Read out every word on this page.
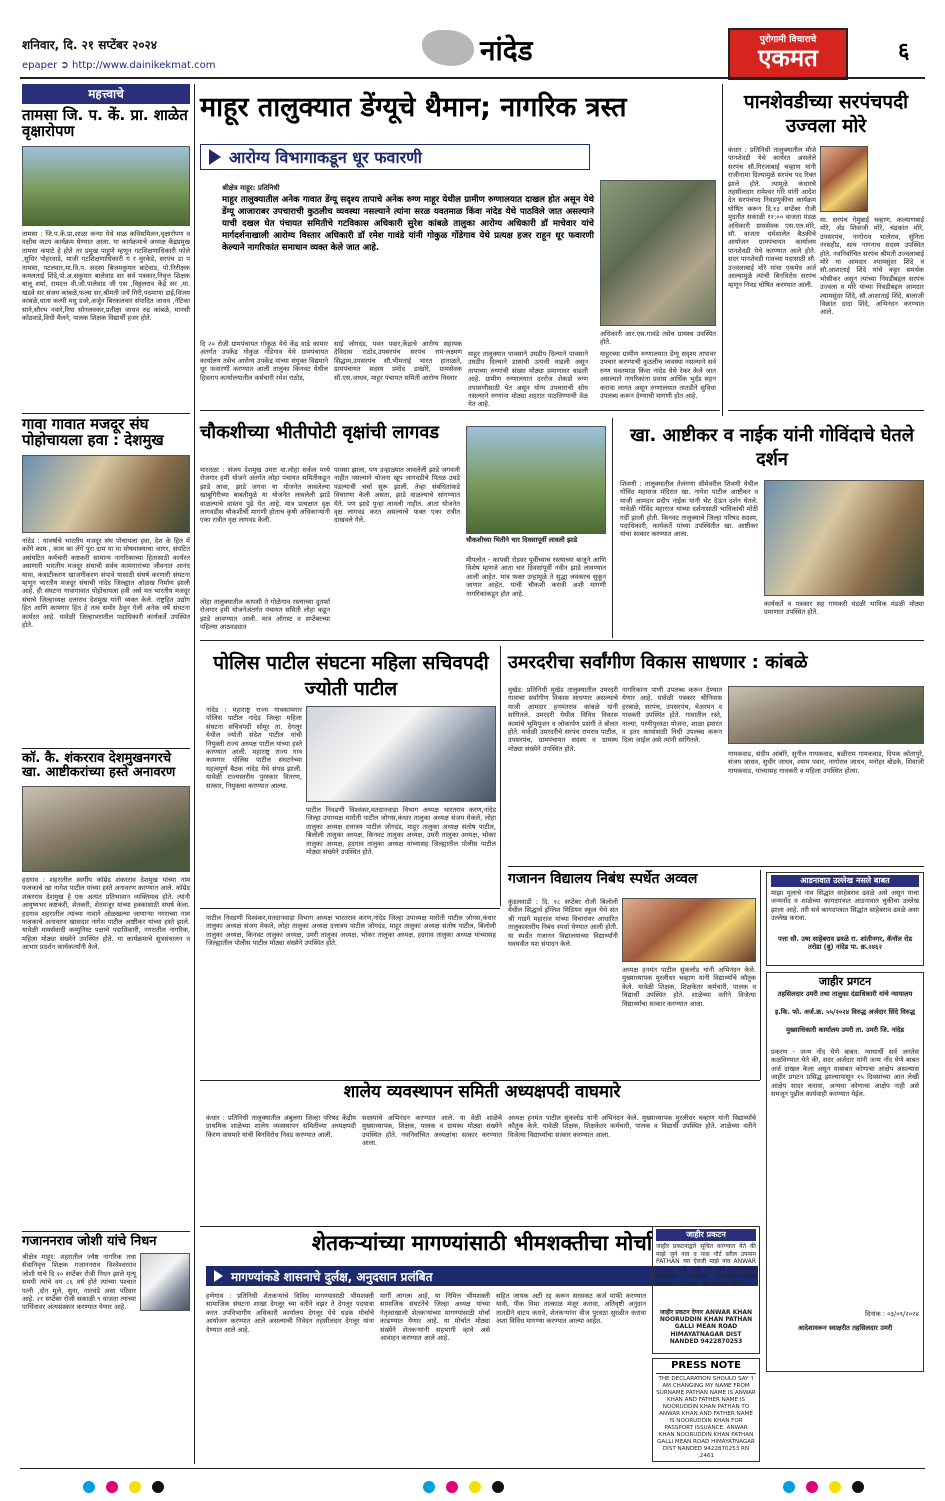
शनिवार, दि. २१ सप्टेंबर २०२४
epaper ➲ http://www.dainikekmat.com	नांदेड	पुरोगामी विचाराचे
एकमत	६
महत्त्वाचे
तामसा जि. प. कें. प्रा. शाळेत वृक्षारोपण
तामसा : जि.प.कें.प्रा.शाळा कन्या येथे माळ कविसमिलन,वृक्षारोपण व वक्षीस वाटप कार्यक्रम घेण्यात आला. या कार्यक्रमाचे अध्यक्ष केंद्रप्रमुख तामसा कपाटे हे होते तर प्रमुख पाहुणे म्हणून गटशिक्षणाधिकारी फोले ,सुधिर पोहरवाडे, माजी गटशिक्षणाधिकारी ग र मुरकेडे, सरपंच डा प तामसा, पटलवार,मा.वि.प. सदस्य बिजमकुमार बाटेवाड, पो.निरीक्षक कमलताई शिंदे,पो.अ.सकुमार बालेवाड सर सर्व पत्रकार,निवृत्त शिक्षक बालू शर्मा, रामदत्त वी.जी.पालेवाड जी एस ,विठ्ठलराव केंद्रे सर ,मा. खडवे सर संजय कांबळे,फल्स सर,श्रीमती जयें गिरी,पदमाणा डाई,विजय कांबळे,धाता कल्पी मधु डवरे,अर्जून बिरकलवार संपादित जाधव ,नेटिका साने,सौरभ नवारे,रिया सोनलवकर,प्रतीक्षा जाधव रुद्र कांबळे, मानसी कोठवाडे,विधी मैलने, पालक शिक्षक विद्यार्थी हजर होते.
गावा गावात मजदूर संघ पोहोचायला हवा : देशमुख
नांदेड : यावर्षाचे भारतीय मजदूर संघ पोचायला हवा, देश के हित में करेंगे काम , काम का लेंगे पूरा दाम या या घोषवाक्याचा जागर, संघटित असंघटित कर्मचारी कष्टकरी सामान्य नागरिकाच्या हितासाठी कार्यरत असणारी भारतीय मजदूर संघाची सर्वच कामगारांच्या जीवनात आनंद यावा, कंत्राटीकरण खाजगीकरण संपावे यासाठी संघर्ष करणारी संघटना म्हणून भारतीय मजदूर संघाची नांदेड जिल्ह्यात ओळख निर्माण झाली आहे. ही संघटना गावागावात पोहोचायला हवी असे मत भारतीय मजदूर संघाचे जिल्हाध्यक्ष दत्ताराव देशमुख यांनी व्यक्त केले. राष्ट्रहित उद्योग हित आणि कामगार हित हे तत्व समोर ठेवून गेली अनेक वर्षे संघटना कार्यरत आहे. यावेळी जिल्हाभरातील पदाधिकारी कार्यकर्ते उपस्थित होते.
कॉ. कै. शंकरराव देशमुखनगरचे खा. आष्टीकरांच्या हस्ते अनावरण
हदगाव : शहरातील स्वर्गीय कॉम्रेड शंकरराव देशमुख यांच्या नाम फलकाचे खा नागेश पाटील यांच्या हस्ते अनावरण करण्यात आले. कॉम्रेड शंकरराव देशमुख हे एक अत्यंत प्रतिभावान व्यक्तिमत्व होते. त्यांनी आयुष्यभर कष्टकरी, शेतकरी, शेतमजूर यांच्या हक्कासाठी संघर्ष केला. हदगाव शहरातील त्यांच्या नावाने ओळखल्या जाणाऱ्या नगराच्या नाम फलकाचे अनावरण खासदार नागेश पाटील आष्टीकर यांच्या हस्ते झाले. यावेळी मार्क्सवादी कम्युनिस्ट पक्षाचे पदाधिकारी, नगरातील नागरिक, महिला मोठ्या संख्येने उपस्थित होते. या कार्यक्रमाचे सूत्रसंचालन व आभार प्रदर्शन कार्यकर्त्यांनी केले.
गजाननराव जोशी यांचे निधन
श्रीक्षेत्र माहूर: शहरातील ज्येष्ठ नागरिक तथा सेवानिवृत्त शिक्षक गजाननराव विश्वेश्वरराव जोशी यांचे दि २० सप्टेंबर रोजी निधन झाले मृत्यू समयी त्यांचे वय ८६ वर्ष होते त्यांच्या पश्चात पत्नी ,दोन मुले, सुना, नातवंडे असा परिवार आहे. २१ सप्टेंबर रोजी सकाळी ९ वाजता त्यांच्या पार्थिवावर अंत्यसंस्कार करण्यात येणार आहे.
माहूर तालुक्यात डेंग्यूचे थैमान; नागरिक त्रस्त
आरोग्य विभागाकडून धूर फवारणी
श्रीक्षेत्र माहूर: प्रतिनिधी
माहूर तालुक्यातील अनेक गावात डेंग्यू सदृश्य तापाचे अनेक रुग्ण माहूर येथील ग्रामीण रुग्णालयात दाखल होत असून येथे डेंग्यू आजाराबर उपचाराची कुठलीच व्यवस्था नसल्याने त्यांना सरळ यवतमाळ किंवा नांदेड येथे पाठविले जात असल्याने याची दखल घेत पंचायत समितीचे गटविकास अधिकारी सुरेश कांबळे तालुका आरोग्य अधिकारी डॉ माचेवार यांचे मार्गदर्शनाखाली आरोग्य विस्तार अधिकारी डॉ रमेश गावंडे यांनी गोकुळ गोंडेगाव येथे प्रत्यक्ष हजर राहून धूर फवारणी केल्याने नागरिकांत समाधान व्यक्त केले जात आहे.
अधिकारी आर.एस.गावंडे तसेच ग्रामस्थ उपस्थित होते.
दि २० रोजी ग्रामपंचायत गोकुळ येथे केंद्र वाढे कामार अंतर्गत उपकेंद्र गोकुळ गोंडेगाव येथे ग्रामपंचायत कार्यालय तसेच आरोग्य उपकेंद्र यांच्या संयुक्त विद्यमाने धूर फवारणी करण्यात आली तालुका किनवट येथील हिवताप कार्यालयातील कर्मचारी रमेश राठोड,
साई जोगदंड, पवन पवार,केंद्राचे आरोग्य सहायक देविदास राठोड,उपसरपंच सरपंच राम-लक्ष्मण सिद्धाम,उपसरपंच सौ.भीमताई भारत हाताळते, ग्रामपंचायत सदस्य प्रमोद डाखोरे, ग्रामसेवक सौ.एस.जाधव, माहूर पंचायत समिती आरोग्य विस्तार
माहूर तालुक्यात पावसाने उघडीप दिल्याने पावसाने उघडीप दिल्याने डासांची उत्पत्ती वाढली असून तापाच्या रुग्णांची संख्या मोठ्या प्रमाणावर वाढली आहे. ग्रामीण रुग्णालयात दररोज शेकडो रुग्ण तपासणीसाठी येत असून योग्य उपचाराची सोय नसल्याने रुग्णांना मोठ्या शहरात पाठविण्याची वेळ येत आहे.
माहूरच्या ग्रामीण रुग्णालयात डेंग्यू सदृश्य तापावर उपचार करण्याची कुठलीच व्यवस्था नसल्याने सर्व रुग्ण यवतमाळ किंवा नांदेड येथे रेफर केले जात असल्याने नागरिकांना प्रवास आर्थिक भुर्दंड सहन करावा लागत असून रुग्णालयात तातडीने सुविधा उपलब्ध करून देण्याची मागणी होत आहे.
पानशेवडीच्या सरपंचपदी उज्वला मोरे
कंधार : प्रतिनिधी तालुक्यातील मौजे पानशेवडी येथे कार्यरत असलेले सरपंच सौ.गिरजाबाई चव्हाण यांनी राजीनामा दिल्यामुळे सरपंच पद रिक्त झाले होते. त्यामुळे कंधारचे तहसीलदार रामेश्वर गोरे यांनी आदेश देत सरपंचपद निवडणुकीचा कार्यक्रम घोषित करून दि.१३ सप्टेंबर रोजी मुदतीत सकाळी ११:०० वाजता मंडळ अधिकारी ग्रामसेवक एस.एल.मोरे, सौ. वाजता धर्मशालेत बैठकीचे आयोजन ग्रामपंचायत कार्यालय पानशेवडी येथे करण्यात आले होते. सदर पानशेवडी गावच्या पदासाठी सौ. उज्वलाबाई मोरे यांचा एकमेव अर्ज आल्यामुळे त्यांची बिनविरोध सरपंच म्हणून निवड घोषित करण्यात आली.
मा. सरपंच गेमुबाई चव्हाण, कल्याणबाई मोरे, ॲड शिवाजी मोरे, चंद्रकांत मोरे, उपसरपंच, नागोराव भालेराव, सुनिता नरसहीड, सत्य नागनाथ सदस्य उपस्थित होते. नवनिर्वाचित सरपंच श्रीमती उज्वलाबाई मोरे या आमदार श्यामसुंदर शिंदे व सौ.आशाताई शिंदे यांचे कट्टर समर्थक भोसीकर असून त्यांच्या निवडीबद्दल सरपंच उज्वला व मोरे यांच्या निवडीबद्दल आमदार श्यामसुंदर शिंदे, सौ.आशाताई शिंदे, बालाजी विक्रांत दादा शिंदे, अभिनंदन करण्यात आले.
चौकशीच्या भीतीपोटी वृक्षांची लागवड
मारतळा : संजय देशमुख उमरा वा.लोहा सर्कल मध्ये रोजगार हमी योजने अंतर्गत लोहा पंचायत समितीकडून झाडे लावा, झाडे जगवा या योजनेत लावलेल्या खाबूगिरीच्या बाबतीमुळे या योजनेत लावलेली झाडे वाळल्याचे वास्तव पुढे येत आहे. मात्र प्रत्यक्षात वृक्ष लागवडीस चौकशीची मागणी होताच कृषी अधिकाऱ्यांनी एका रात्रीत वृक्ष लागवड केली.
लोहा तालुक्यातील कापसी ते गोळेगाव रस्त्याच्या दुतर्फा रोजगार हमी योजनेअंतर्गत पंचायत समिती लोहा कडून झाडे लावण्यात आली. मात्र ऑगस्ट व सप्टेंबरच्या पहिल्या आठवड्यात
पावसा झाला, पण उन्हाळ्यात लावलेली झाडे जगवली नाहीत नसल्याने योजना खूप लागवडीचे पितळ उघडे पडल्याची चर्चा सुरू झाली. तेव्हा संबंधितांकडे विचारणा केली असता, झाडे वाळल्याचे सांगण्यात येते. पण झाडे पुन्हा लावली नाहीत. आता योजनेत वृक्ष लागवड करत असल्याचे फक्त एका रात्रीत दाखवले गेले.
चौकशीच्या भितीने चार दिवसापूर्वी लावली झाडे
मीपलोत - कापसी रोडवर पूर्वीच्याच रस्त्याच्या बाजूने आणि विशेष म्हणजे आता चार दिवसांपूर्वी नवीन झाडे लावण्यात आली आहेत. मात्र फक्त उन्हामुळे ते सुद्धा लवकरच सुकून जाणार आहेत. याची चौकशी करावी अशी मागणी नागरिकांकडून होत आहे.
खा. आष्टीकर व नाईक यांनी गोविंदाचे घेतले दर्शन
शिवणी : तालुक्यातील तेलंगणा सीमेवरील शिवणी येथील गोविंद महाराज मंदिरात खा. नागेश पाटील आष्टीकर व माजी आमदार प्रदीप नाईक यांनी भेट देऊन दर्शन घेतले. यावेळी गोविंद महाराज यांच्या दर्शनासाठी भाविकांची मोठी गर्दी झाली होती. किनवट तालुक्याचे जिल्हा परिषद सदस्य, पदाधिकारी, कार्यकर्ते यांच्या उपस्थितीत खा. आष्टीकर यांचा सत्कार करण्यात आला.
कार्यकर्ते व पत्रकार सह गायकरी मंडळी भाविक मंडळी मोठ्या प्रमाणात उपस्थित होते.
पोलिस पाटील संघटना महिला सचिवपदी ज्योती पाटील
नांदेड : महाराष्ट्र राज्य गावकामगार पोलिस पाटील नांदेड जिल्हा महिला संघटना सचिवपदी सोमूर ता. देगलूर येथील ज्योती संदेश पाटील यांची नियुक्ती राज्य अध्यक्ष पाटील यांच्या हस्ते करण्यात आली. महाराष्ट्र राज्य गाव कामगार पोलिस पाटील संघटनेच्या महत्वपूर्ण बैठक नांदेड येथे संपन्न झाली. यावेळी राज्यस्तरीय पुरस्कार वितरण, सत्कार, नियुक्त्या करण्यात आल्या.
पाटील निवडणी विश्वंकर,मतदानवाड़ा विभाग अध्यक्ष भारतराव करण,नांदेड जिल्हा उपाध्यक्ष मारोती पाटील जोगस,कंधार तालुका अध्यक्ष संजय मेकले, लोहा तालुका अध्यक्ष दत्तात्रय पाटील जोगदंड, माहूर तालुका अध्यक्ष संतोष पाटील, बिलोली तालुका अध्यक्ष, किनवट तालुका अध्यक्ष, उमरी तालुका अध्यक्ष, भोकर तालुका अध्यक्ष, हदगाव तालुका अध्यक्ष यांच्यासह जिल्ह्यातील पोलीस पाटील मोठ्या संख्येने उपस्थित होते.
उमरदरीचा सर्वांगीण विकास साधणार : कांबळे
मुखेड: प्रतिनिधी मुखेड तालुक्यातील उमरदरी गावाचा सर्वांगीण विकास साधणार असल्याचे माजी आमदार हनमंतराव कांबळे यांनी सांगितले. उमरदरी येथील विविध विकास कामांचे भूमिपूजन व लोकार्पण प्रसंगी ते बोलत होते. यावेळी उमरदरीचे सरपंच रामराव पाटील, उपसरपंच, ग्रामपंचायत सदस्य व ग्रामस्थ मोठ्या संख्येने उपस्थित होते.
नागरिकांना पाणी उपलब्ध करून देण्यात येणार आहे. यावेळी पत्रकार श्रीनिवास हरबाळे, सरपंच, उपसरपंच, चेअरमन व गावकरी उपस्थित होते. गावातील रस्ते, नाल्या, पाणीपुरवठा योजना, शाळा इमारत व इतर कामांसाठी निधी उपलब्ध करून दिला जाईल असे त्यांनी सांगितले.
गायकवाड, संदीप आंबोरे, सुनील गायकवाड, बळीराम गायकवाड, दिपक कोतापुरे, संजय जाधव, सुधीर जाधव, श्याम पवार, नागोराव जाधव, मनोहर बोडके, शिवाजी गायकवाड, यांच्यासह गावकरी व महिला उपस्थित होत्या.
गजानन विद्यालय निबंध स्पर्धेत अव्वल
कुंडलवाडी : दि. १८ सप्टेंबर रोजी बिलोली येथील सिद्धार्थ इंग्लिश मिडियम स्कूल येथे संत श्री गाडगे महाराज यांच्या विचारांवर आधारित तालुकास्तरीय निबंध स्पर्धा घेण्यात आली होती. या स्पर्धेत गजानन विद्यालयाच्या विद्यार्थ्यांनी घवघवीत यश संपादन केले.
अध्यक्ष हनमंत पाटील सुंकलोड यांनी अभिनंदन केले. मुख्याध्यापक मुरलीधर चव्हाण यांनी विद्यार्थ्यांचे कौतुक केले. यावेळी शिक्षक, शिक्षकेतर कर्मचारी, पालक व विद्यार्थी उपस्थित होते. शाळेच्या वतीने विजेत्या विद्यार्थ्यांचा सत्कार करण्यात आला.
आडनावात उल्लेख नसले बाबत
माझा मुलाचे नाव सिद्धांत साहेबराव ढवळे असे असून याचा जन्मनोंद व शाळेच्या कागदपत्रात आडनावात चुकीचा उल्लेख झाला आहे. तरी सर्व कागदपत्रात सिद्धांत साहेबराव ढवळे असा उल्लेख करावा.
पत्ता सौ. उषा साहेबराव ढवळे रा. शांतीनगर, कॅनॉल रोड तरोडा (बु) नांदेड पा. क्र.२४६२
जाहीर प्रगटन
तहसिलदार उमरी तथा तालुका दंडाधिकारी यांचे न्यायालय
इ.कि. फो. अर्ज.क्र. ५५/२०२४ विरुद्ध अर्जदार सिंदे विरुद्ध
मुख्याधिकारी कार्यालय उमरी ता. उमरी जि. नांदेड
प्रकरण - जन्म नोंद घेणे बाबत. न्यायार्थी सर्व जनतेस कळविण्यात येते की, सदर अर्जदार यांनी जन्म नोंद घेणे बाबत अर्ज दाखल केला असून याबाबत कोणाचा आक्षेप असल्यास जाहीर प्रगटन प्रसिद्ध झाल्यापासून १५ दिवसांच्या आत लेखी आक्षेप सादर करावा, अन्यथा कोणाचा आक्षेप नाही असे समजून पुढील कार्यवाही करण्यात येईल.
दिनांक : ०३/०९/२०२४
आदेशावरून स्वाक्षरीत तहसिलदार उमरी
पाटील निवडणी विश्वंकर,मतदानवाड़ा विभाग अध्यक्ष भारतराव करण,नांदेड जिल्हा उपाध्यक्ष मारोती पाटील जोगस,कंधार तालुका अध्यक्ष संजय मेकले, लोहा तालुका अध्यक्ष दत्तात्रय पाटील जोगदंड, माहूर तालुका अध्यक्ष संतोष पाटील, बिलोली तालुका अध्यक्ष, किनवट तालुका अध्यक्ष, उमरी तालुका अध्यक्ष, भोकर तालुका अध्यक्ष, हदगाव तालुका अध्यक्ष यांच्यासह जिल्ह्यातील पोलीस पाटील मोठ्या संख्येने उपस्थित होते.
शालेय व्यवस्थापन समिती अध्यक्षपदी वाघमारे
कंधार : प्रतिनिधी तालुक्यातील अंबुलगा जिल्हा परिषद केंद्रीय प्राथमिक शाळेच्या शालेय व्यवस्थापन समितीच्या अध्यक्षपदी किरण वाघमारे यांची बिनविरोध निवड करण्यात आली.
सदस्यांचे अभिनंदन करण्यात आले. या वेळी शाळेचे मुख्याध्यापक, शिक्षक, पालक व ग्रामस्थ मोठ्या संख्येने उपस्थित होते. नवनिर्वाचित अध्यक्षांचा सत्कार करण्यात आला.
अध्यक्ष हनमंत पाटील सुंकलोड यांनी अभिनंदन केले. मुख्याध्यापक मुरलीधर चव्हाण यांनी विद्यार्थ्यांचे कौतुक केले. यावेळी शिक्षक, शिक्षकेतर कर्मचारी, पालक व विद्यार्थी उपस्थित होते. शाळेच्या वतीने विजेत्या विद्यार्थ्यांचा सत्कार करण्यात आला.
शेतकऱ्यांच्या मागण्यांसाठी भीमशक्तीचा मोर्चा
मागण्यांकडे शासनाचे दुर्लक्ष, अनुदसान प्रलंबित
हणेगाव : प्रतिनिधी शेतकऱ्यांचे विविध मागण्यासाठी भीमशक्ती सामाजिक संघटना शाखा देगलूर च्या वतीने वझर ते देगलूर पदयात्रा करत उपविभागीय अधिकारी कार्यालय देगलूर येथे धडक मोर्चाचे आयोजन करण्यात आले असल्याची निवेदन तहसीलदार देगलूर यांना देण्यात आले आहे.
मार्गी लागला आहे, या निमित्त भीमशक्ती सामाजिक संघटनेचे जिल्हा अध्यक्ष यांच्या नेतृत्वाखाली शेतकऱ्यांच्या मागण्यांसाठी मोर्चा काढण्यात येणार आहे. या मोर्चात मोठ्या संख्येने शेतकऱ्यांनी सहभागी व्हावे असे आवाहन करण्यात आले आहे.
सहित जायक अटी रद्द करून सरसकट कर्ज माफी करण्यात यावी, पीक विमा तात्काळ मंजूर करावा, अतिवृष्टी अनुदान तातडीने वाटप करावे, शेतकऱ्यांना वीज पुरवठा सुरळीत करावा अशा विविध मागण्या करण्यात आल्या आहेत.
जाहीर प्रकटन
जाहीर प्रकटनाद्वारे सूचित करण्यात येते की माझे जुने नाव व पास पोर्ट वरील उपनाम PATHAN च्या ऐवजी माझे नाव ANWAR KHAN असे आहे तरी सर्व कागदपत्रावर ANWAR KHAN NOORUDDIN KHAN PATHAN असा उल्लेख करावा.
जाहीर प्रकटन देणार ANWAR KHAN NOORUDDIN KHAN PATHAN GALLI MEAN ROAD HIMAYATNAGAR DIST NANDED 9422870253
PRESS NOTE
THE DECLARATION SHOULD SAY 'I AM CHANGING MY NAME FROM SURNAME PATHAN NAME IS ANWAR KHAN AND FATHER NAME IS NOORUDDIN KHAN PATHAN TO ANWAR KHAN AND FATHER NAME IS NOORUDDIN KHAN FOR PASSPORT ISSUANCE. ANWAR KHAN NOORUDDIN KHAN PATHAN GALLI MEAN ROAD HIMAYATNAGAR DIST NANDED 9422870253 RN ,2461
